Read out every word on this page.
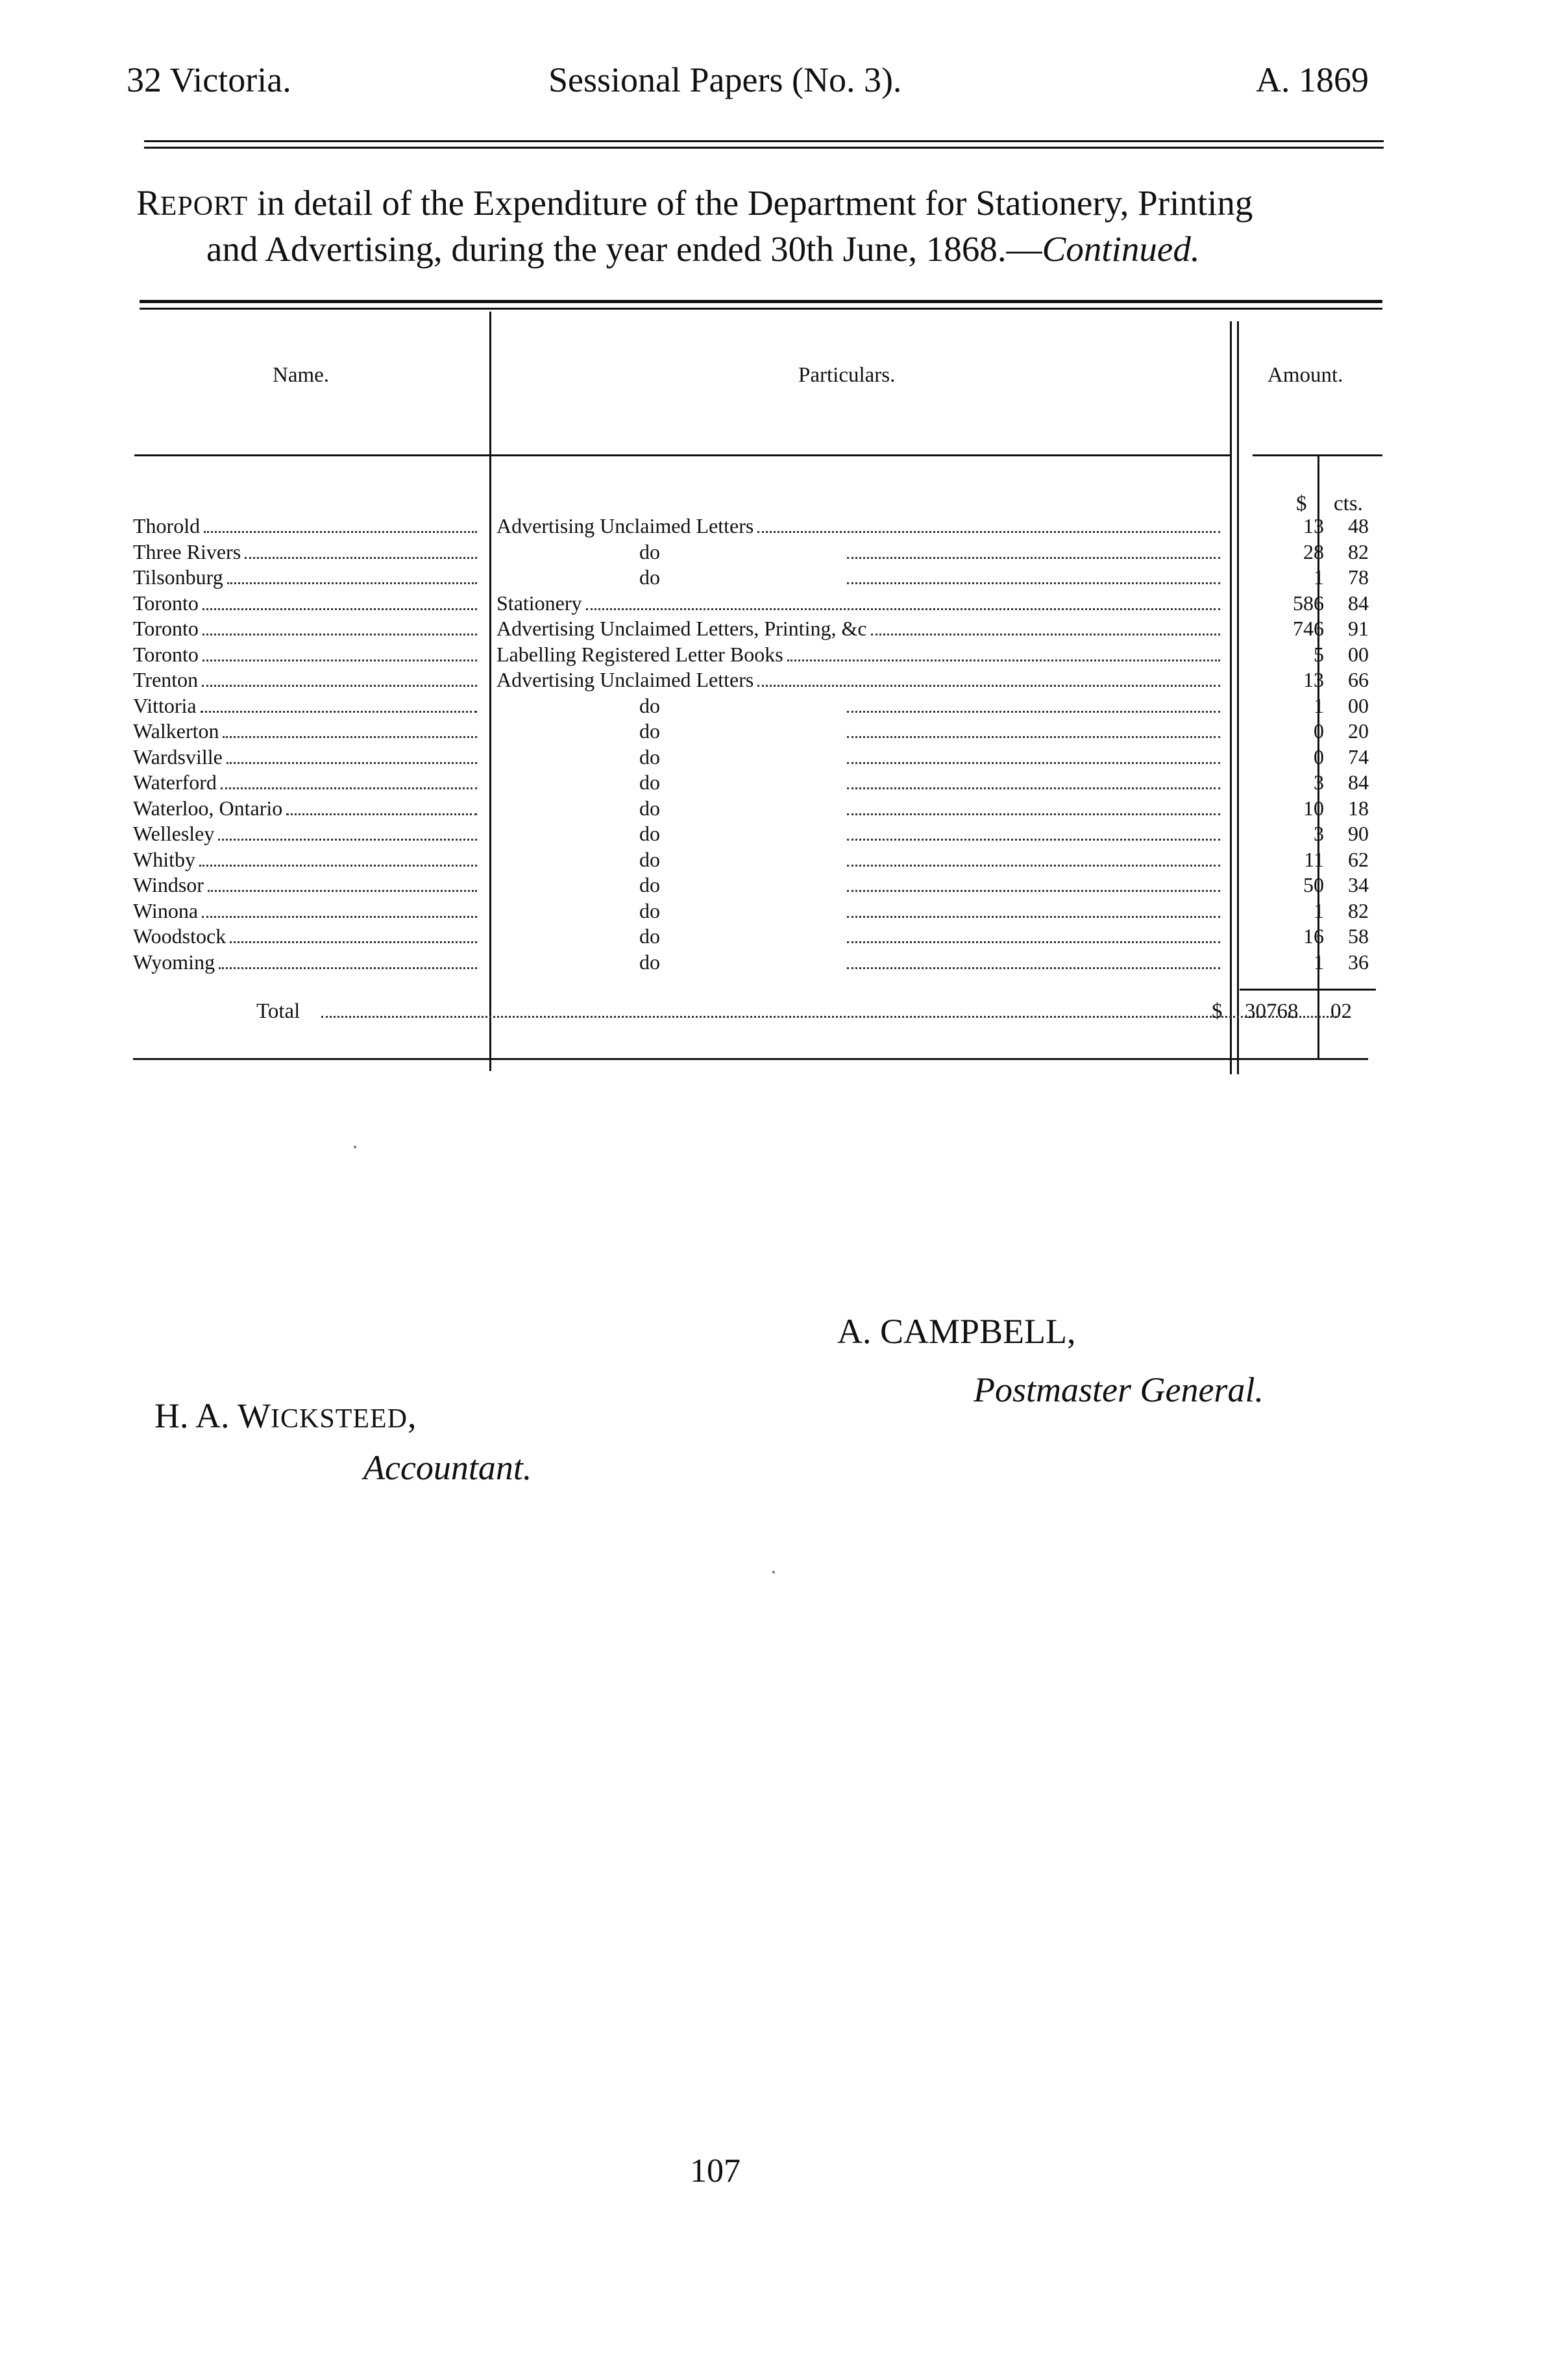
32 Victoria.	Sessional Papers (No. 3).	A. 1869
REPORT in detail of the Expenditure of the Department for Stationery, Printing
and Advertising, during the year ended 30th June, 1868.—Continued.
Name.	Particulars.	Amount.
$ cts.
Thorold	Advertising Unclaimed Letters	13 48
Three Rivers	do	28 82
Tilsonburg	do	1 78
Toronto	Stationery	586 84
Toronto	Advertising Unclaimed Letters, Printing, &c	746 91
Toronto	Labelling Registered Letter Books	5 00
Trenton	Advertising Unclaimed Letters	13 66
Vittoria	do	1 00
Walkerton	do	0 20
Wardsville	do	0 74
Waterford	do	3 84
Waterloo, Ontario	do	10 18
Wellesley	do	3 90
Whitby	do	11 62
Windsor	do	50 34
Winona	do	1 82
Woodstock	do	16 58
Wyoming	do	1 36
Total	$ 30768 02
A. CAMPBELL,
Postmaster General.
H. A. WICKSTEED,
Accountant.
107
